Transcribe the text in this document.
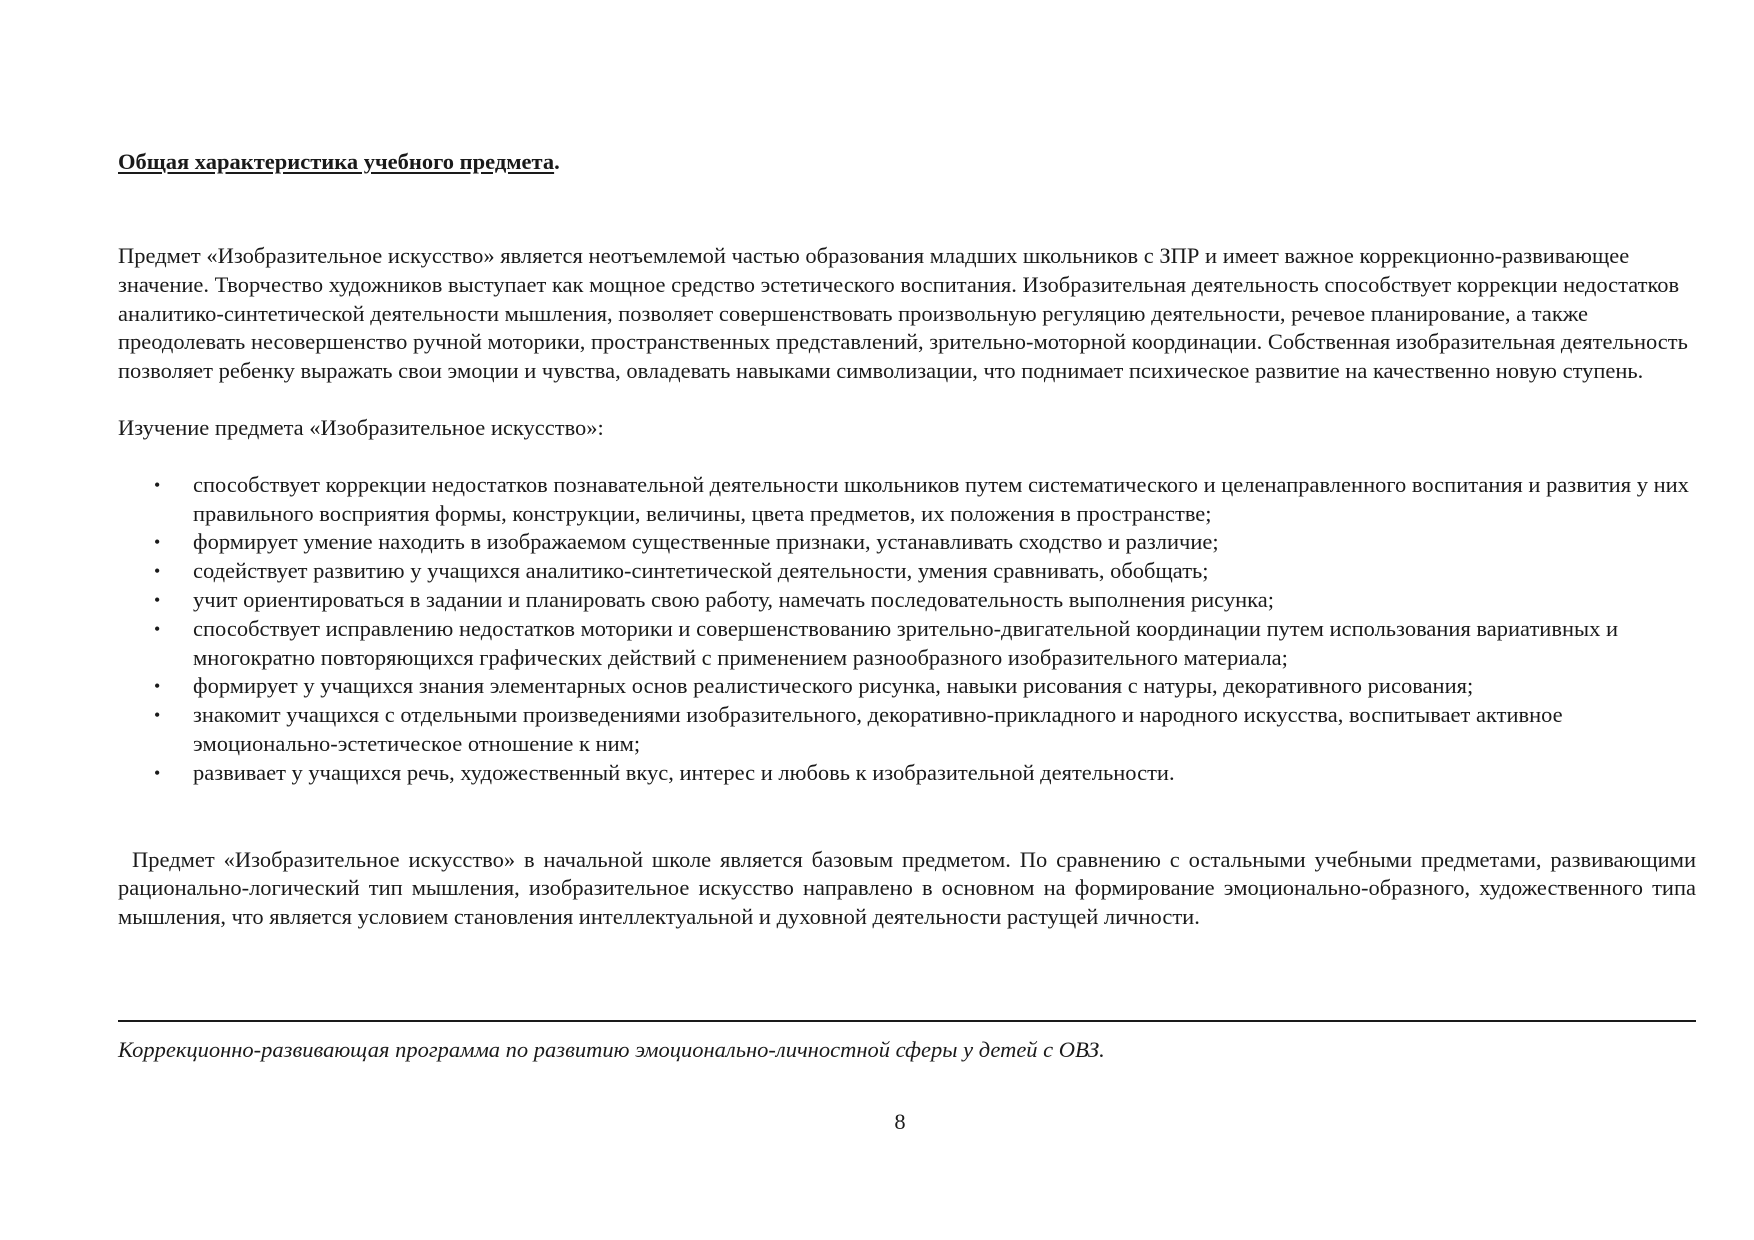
Общая характеристика учебного предмета.

Предмет «Изобразительное искусство» является неотъемлемой частью образования младших школьников с ЗПР и имеет важное коррекционно-развивающее значение. Творчество художников выступает как мощное средство эстетического воспитания. Изобразительная деятельность способствует коррекции недостатков аналитико-синтетической деятельности мышления, позволяет совершенствовать произвольную регуляцию деятельности, речевое планирование, а также преодолевать несовершенство ручной моторики, пространственных представлений, зрительно-моторной координации. Собственная изобразительная деятельность позволяет ребенку выражать свои эмоции и чувства, овладевать навыками символизации, что поднимает психическое развитие на качественно новую ступень.

Изучение предмета «Изобразительное искусство»:

• способствует коррекции недостатков познавательной деятельности школьников путем систематического и целенаправленного воспитания и развития у них правильного восприятия формы, конструкции, величины, цвета предметов, их положения в пространстве;
• формирует умение находить в изображаемом существенные признаки, устанавливать сходство и различие;
• содействует развитию у учащихся аналитико-синтетической деятельности, умения сравнивать, обобщать;
• учит ориентироваться в задании и планировать свою работу, намечать последовательность выполнения рисунка;
• способствует исправлению недостатков моторики и совершенствованию зрительно-двигательной координации путем использования вариативных и многократно повторяющихся графических действий с применением разнообразного изобразительного материала;
• формирует у учащихся знания элементарных основ реалистического рисунка, навыки рисования с натуры, декоративного рисования;
• знакомит учащихся с отдельными произведениями изобразительного, декоративно-прикладного и народного искусства, воспитывает активное эмоционально-эстетическое отношение к ним;
• развивает у учащихся речь, художественный вкус, интерес и любовь к изобразительной деятельности.

Предмет «Изобразительное искусство» в начальной школе является базовым предметом. По сравнению с остальными учебными предметами, развивающими рационально-логический тип мышления, изобразительное искусство направлено в основном на формирование эмоционально-образного, художественного типа мышления, что является условием становления интеллектуальной и духовной деятельности растущей личности.

Коррекционно-развивающая программа по развитию эмоционально-личностной сферы у детей с ОВЗ.
8
